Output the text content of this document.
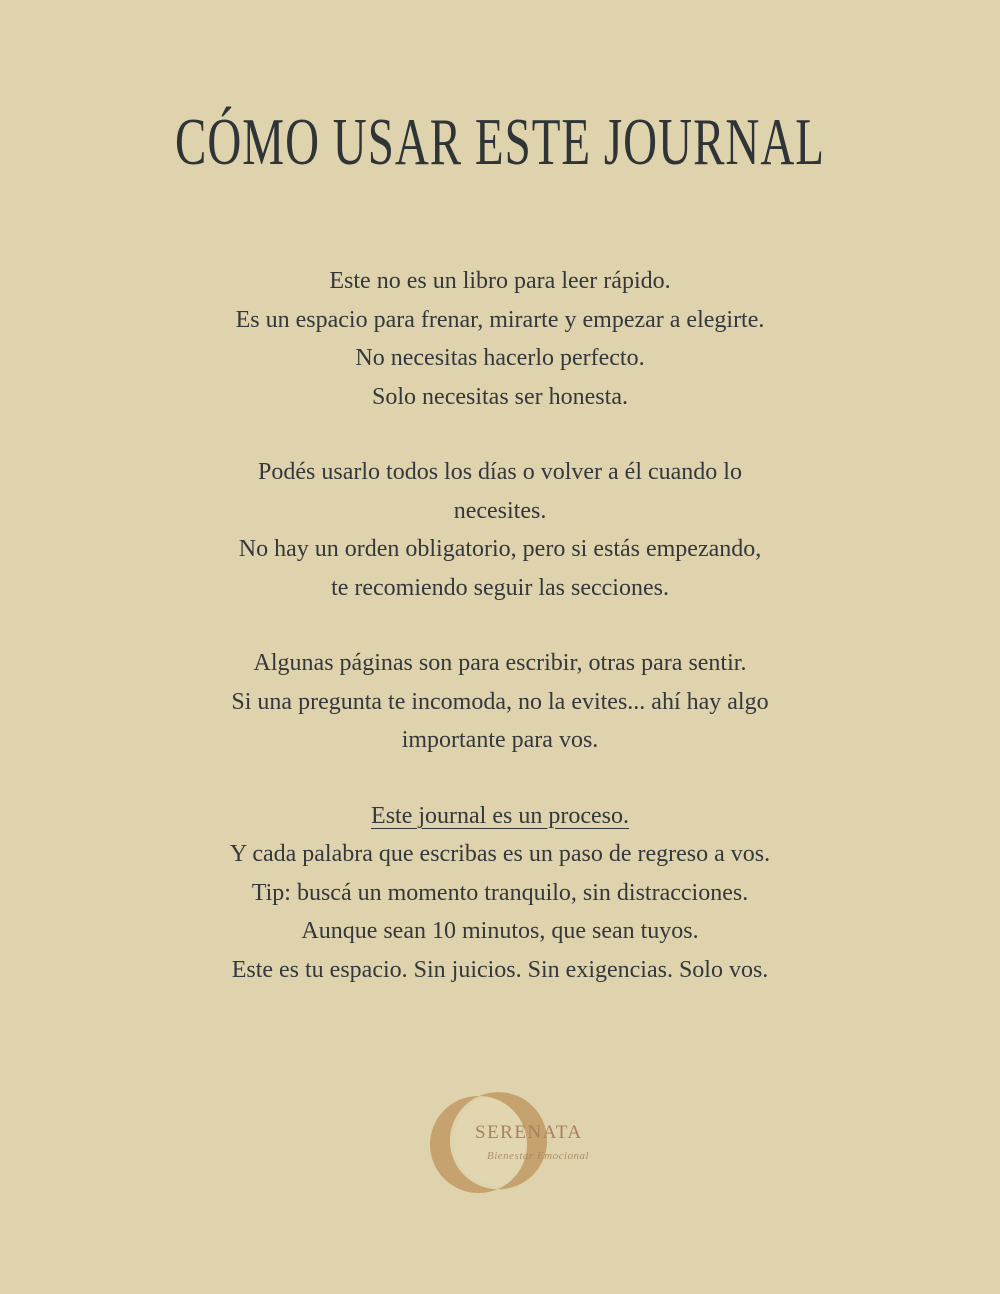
CÓMO USAR ESTE JOURNAL
Este no es un libro para leer rápido.
Es un espacio para frenar, mirarte y empezar a elegirte.
No necesitas hacerlo perfecto.
Solo necesitas ser honesta.
Podés usarlo todos los días o volver a él cuando lo
necesites.
No hay un orden obligatorio, pero si estás empezando,
te recomiendo seguir las secciones.
Algunas páginas son para escribir, otras para sentir.
Si una pregunta te incomoda, no la evites... ahí hay algo
importante para vos.
Este journal es un proceso.
Y cada palabra que escribas es un paso de regreso a vos.
Tip: buscá un momento tranquilo, sin distracciones.
Aunque sean 10 minutos, que sean tuyos.
Este es tu espacio. Sin juicios. Sin exigencias. Solo vos.
SERENATA
Bienestar Emocional
